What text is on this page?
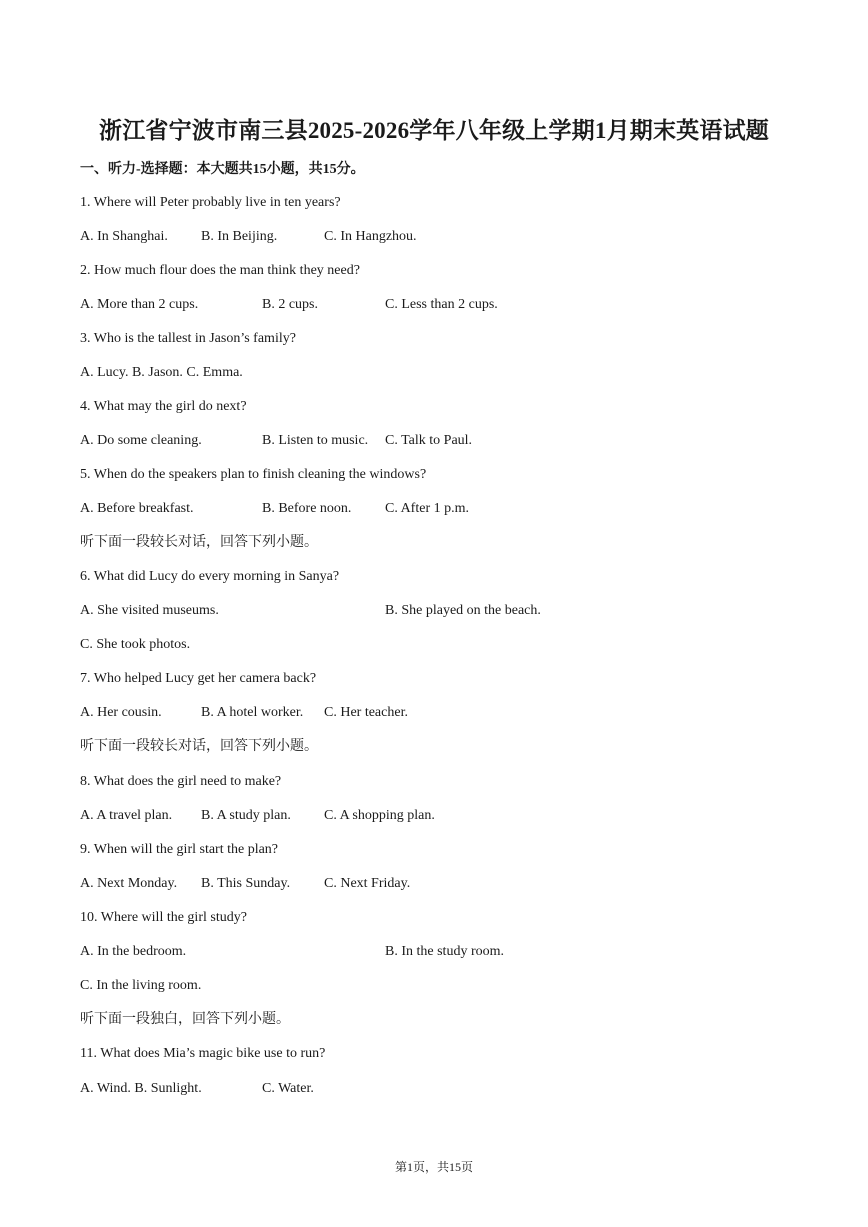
浙江省宁波市南三县2025-2026学年八年级上学期1月期末英语试题
一、听力-选择题：本大题共15小题，共15分。
1. Where will Peter probably live in ten years?
A. In Shanghai. B. In Beijing.	C. In Hangzhou.
2. How much flour does the man think they need?
A. More than 2 cups.	B. 2 cups.	C. Less than 2 cups.
3. Who is the tallest in Jason’s family?
A. Lucy. B. Jason. C. Emma.
4. What may the girl do next?
A. Do some cleaning.	B. Listen to music. C. Talk to Paul.
5. When do the speakers plan to finish cleaning the windows?
A. Before breakfast.	B. Before noon. C. After 1 p.m.
听下面一段较长对话，回答下列小题。
6. What did Lucy do every morning in Sanya?
A. She visited museums.	B. She played on the beach.
C. She took photos.
7. Who helped Lucy get her camera back?
A. Her cousin.	B. A hotel worker. C. Her teacher.
听下面一段较长对话，回答下列小题。
8. What does the girl need to make?
A. A travel plan. B. A study plan. C. A shopping plan.
9. When will the girl start the plan?
A. Next Monday. B. This Sunday. C. Next Friday.
10. Where will the girl study?
A. In the bedroom.	B. In the study room.
C. In the living room.
听下面一段独白，回答下列小题。
11. What does Mia’s magic bike use to run?
A. Wind. B. Sunlight.	C. Water.
第1页，共15页
